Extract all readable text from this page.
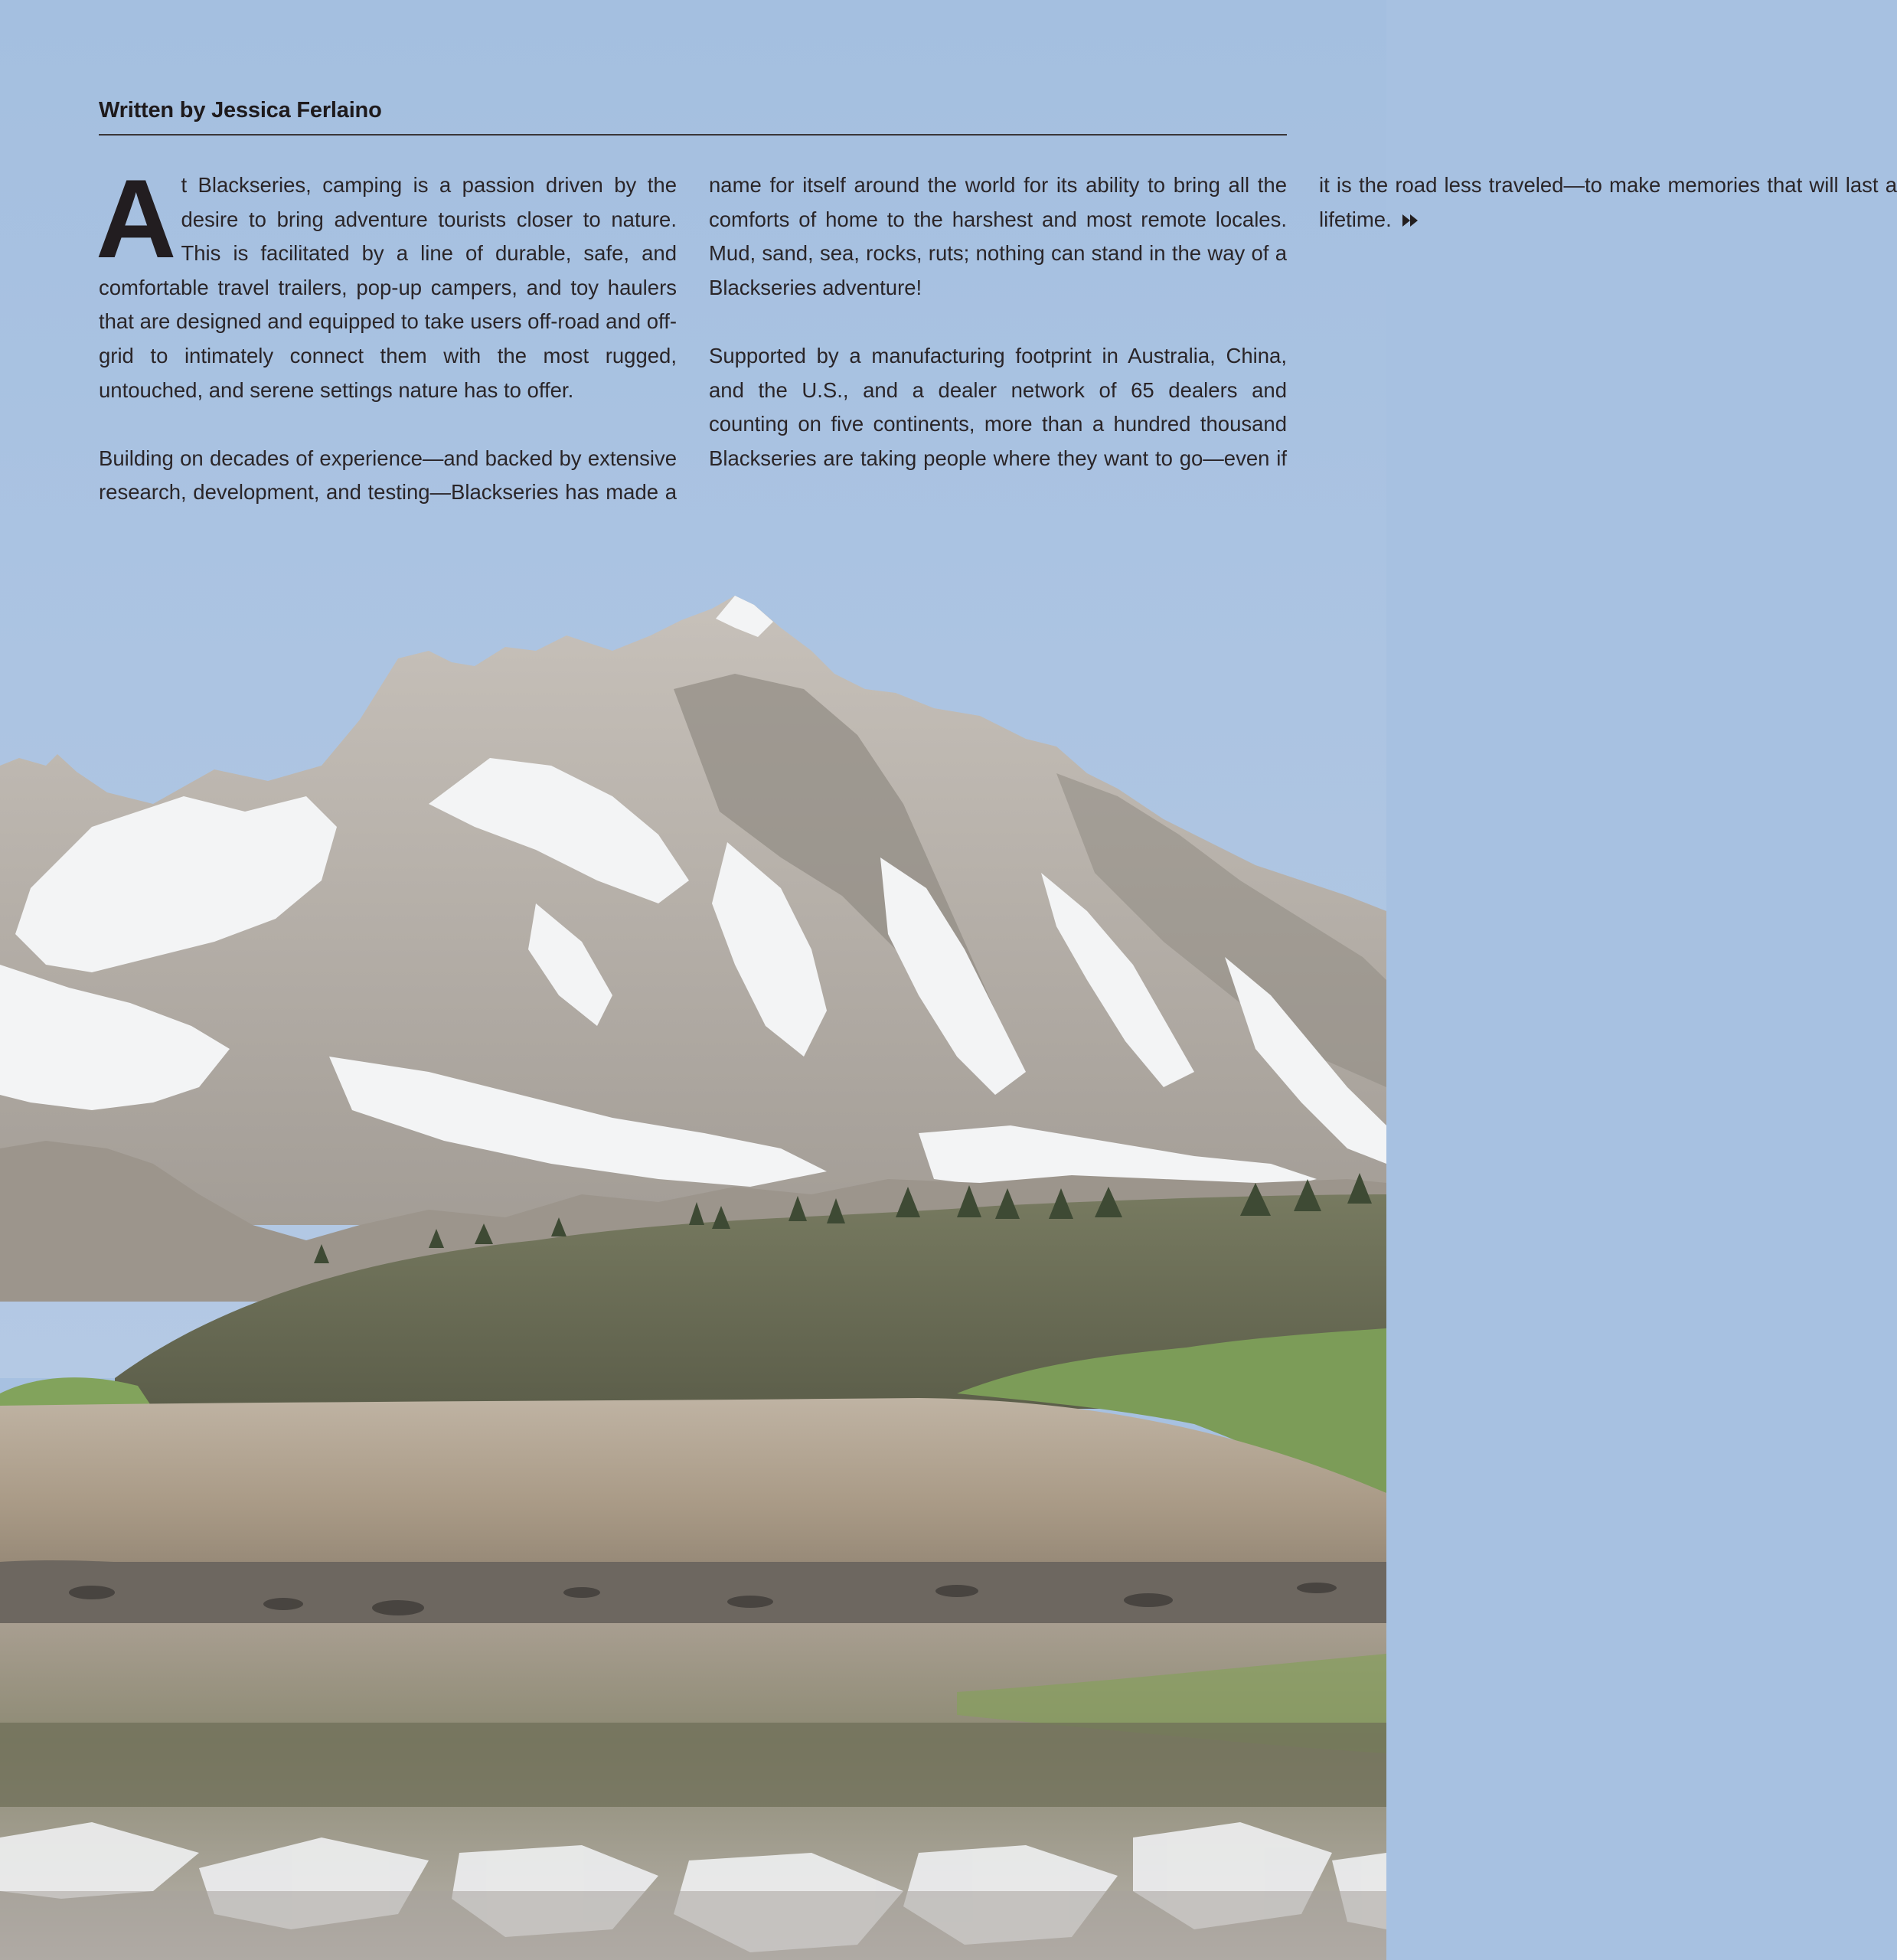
Written by Jessica Ferlaino

At Blackseries, camping is a passion driven by the desire to bring adventure tourists closer to nature. This is facilitated by a line of durable, safe, and comfortable travel trailers, pop-up campers, and toy haulers that are designed and equipped to take users off-road and off-grid to intimately connect them with the most rugged, untouched, and serene settings nature has to offer.

Building on decades of experience—and backed by extensive research, development, and testing—Blackseries has made a name for itself around the world for its ability to bring all the comforts of home to the harshest and most remote locales. Mud, sand, sea, rocks, ruts; nothing can stand in the way of a Blackseries adventure!

Supported by a manufacturing footprint in Australia, China, and the U.S., and a dealer network of 65 dealers and counting on five continents, more than a hundred thousand Blackseries are taking people where they want to go—even if it is the road less traveled—to make memories that will last a lifetime.
